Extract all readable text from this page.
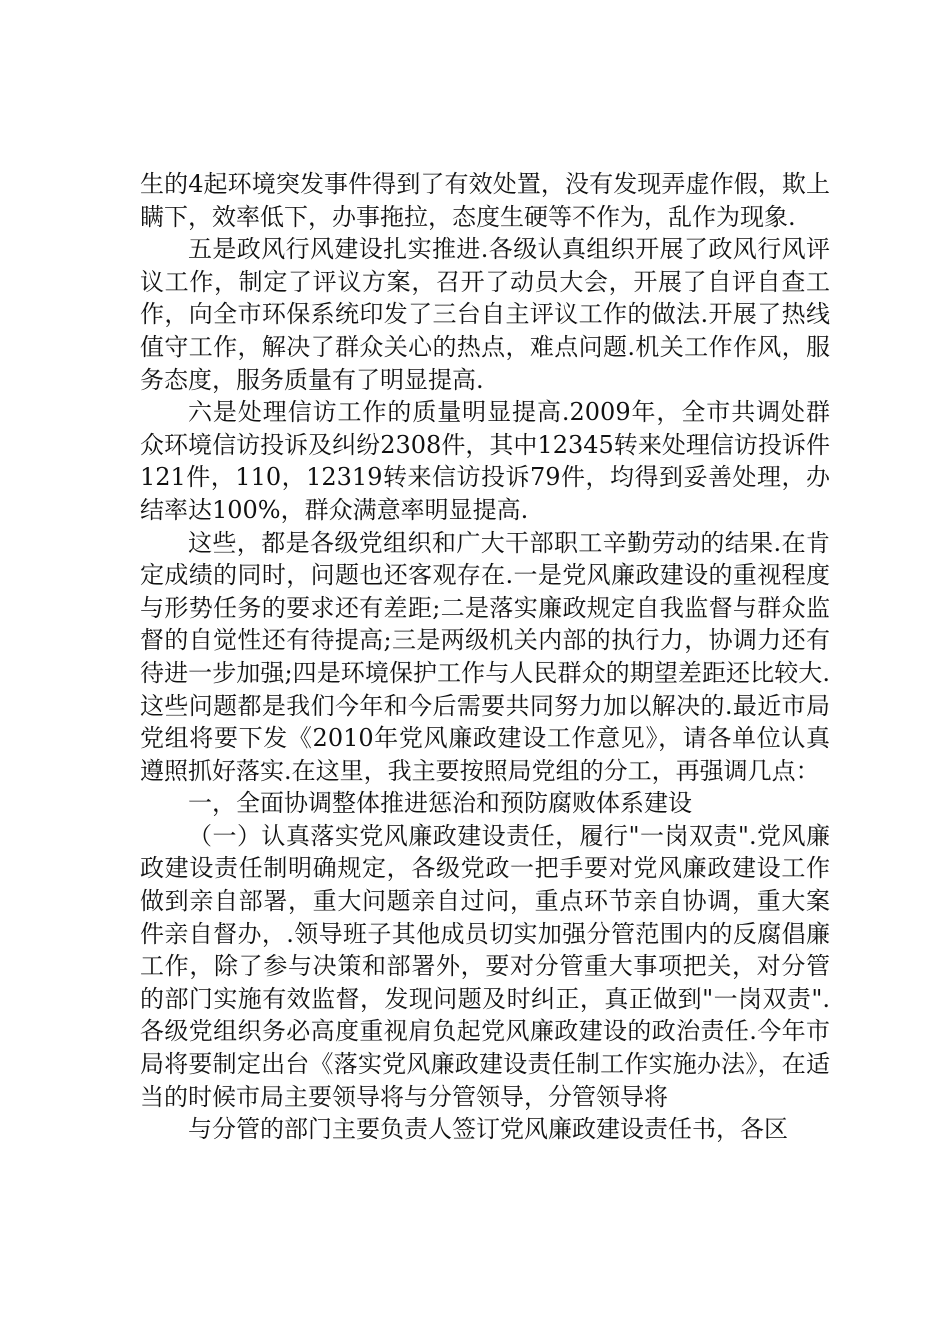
生的4起环境突发事件得到了有效处置，没有发现弄虚作假，欺上瞒下，效率低下，办事拖拉，态度生硬等不作为，乱作为现象.

五是政风行风建设扎实推进.各级认真组织开展了政风行风评议工作，制定了评议方案，召开了动员大会，开展了自评自查工作，向全市环保系统印发了三台自主评议工作的做法.开展了热线值守工作，解决了群众关心的热点，难点问题.机关工作作风，服务态度，服务质量有了明显提高.

六是处理信访工作的质量明显提高.2009年，全市共调处群众环境信访投诉及纠纷2308件，其中12345转来处理信访投诉件121件，110，12319转来信访投诉79件，均得到妥善处理，办结率达100%，群众满意率明显提高.

这些，都是各级党组织和广大干部职工辛勤劳动的结果.在肯定成绩的同时，问题也还客观存在.一是党风廉政建设的重视程度与形势任务的要求还有差距;二是落实廉政规定自我监督与群众监督的自觉性还有待提高;三是两级机关内部的执行力，协调力还有待进一步加强;四是环境保护工作与人民群众的期望差距还比较大.这些问题都是我们今年和今后需要共同努力加以解决的.最近市局党组将要下发《2010年党风廉政建设工作意见》，请各单位认真遵照抓好落实.在这里，我主要按照局党组的分工，再强调几点：

一，全面协调整体推进惩治和预防腐败体系建设

（一）认真落实党风廉政建设责任，履行"一岗双责".党风廉政建设责任制明确规定，各级党政一把手要对党风廉政建设工作做到亲自部署，重大问题亲自过问，重点环节亲自协调，重大案件亲自督办，.领导班子其他成员切实加强分管范围内的反腐倡廉工作，除了参与决策和部署外，要对分管重大事项把关，对分管的部门实施有效监督，发现问题及时纠正，真正做到"一岗双责".各级党组织务必高度重视肩负起党风廉政建设的政治责任.今年市局将要制定出台《落实党风廉政建设责任制工作实施办法》，在适当的时候市局主要领导将与分管领导，分管领导将

与分管的部门主要负责人签订党风廉政建设责任书，各区
